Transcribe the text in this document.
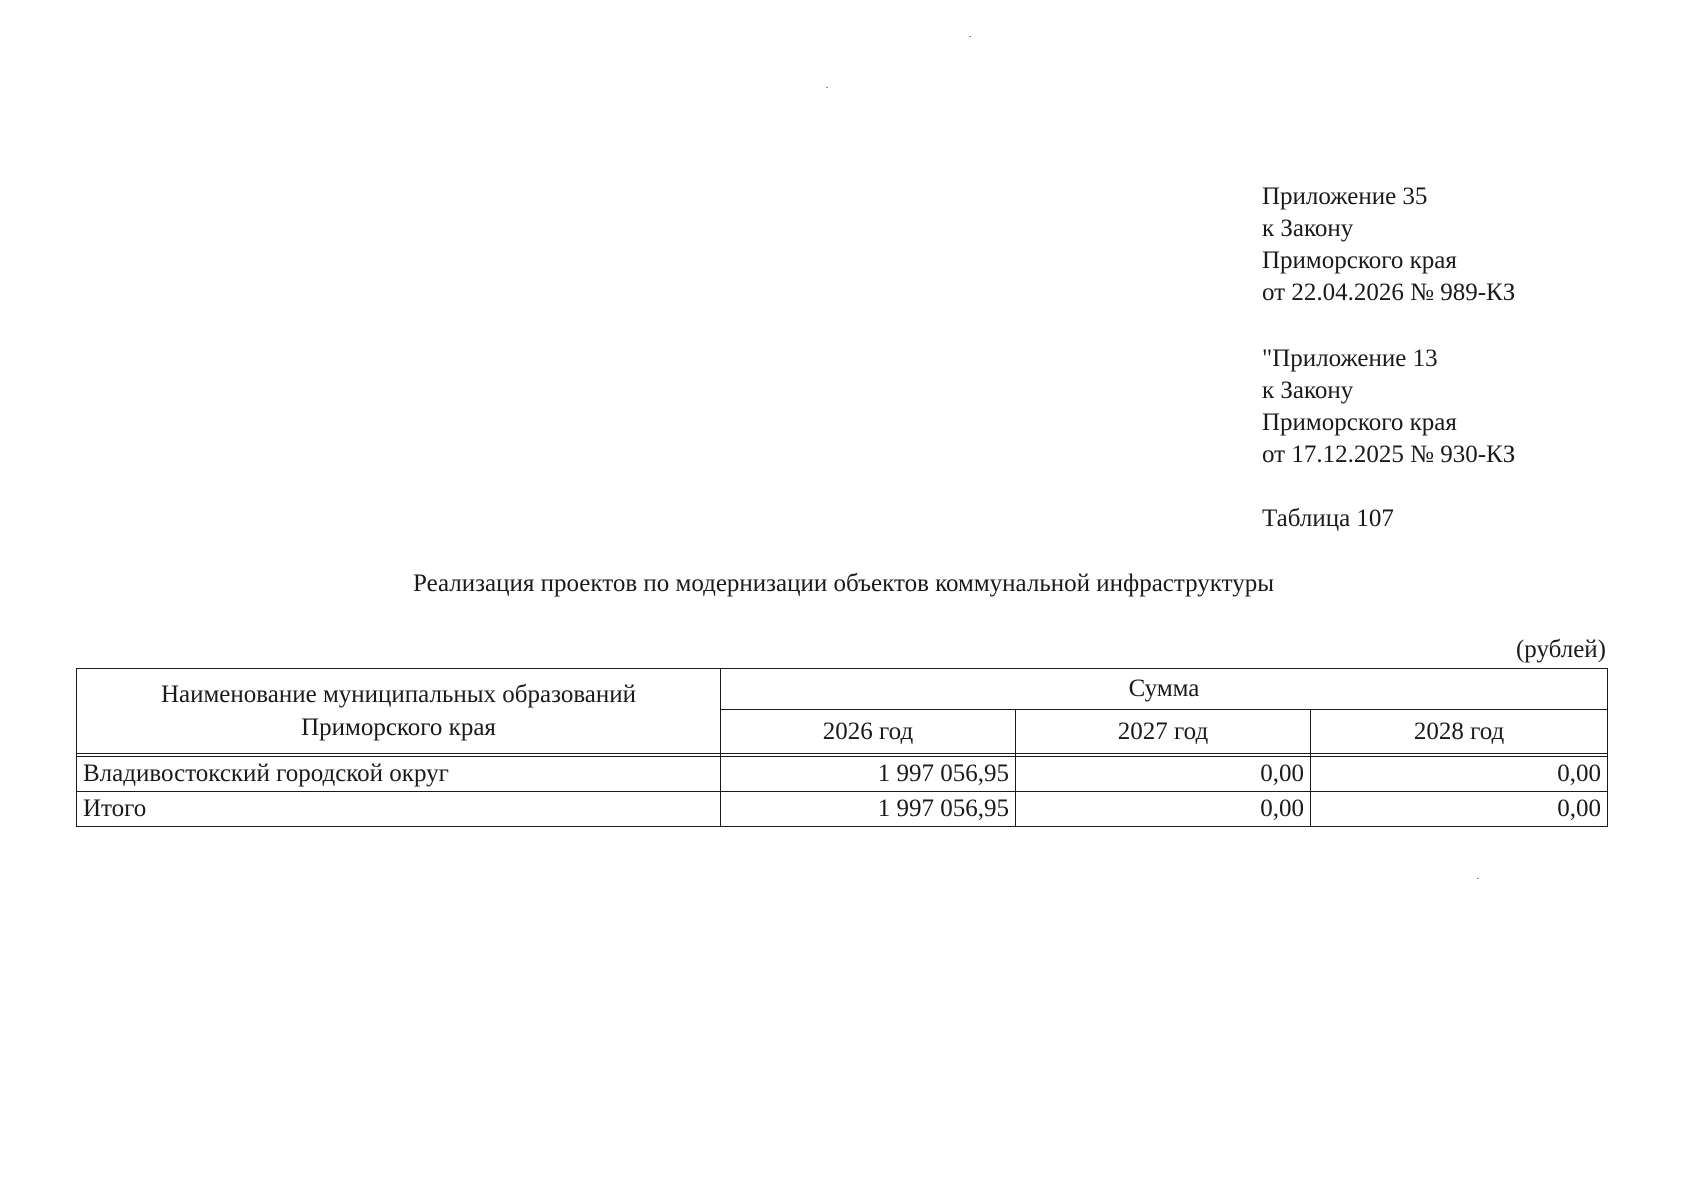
Приложение 35
к Закону
Приморского края
от 22.04.2026 № 989-КЗ
"Приложение 13
к Закону
Приморского края
от 17.12.2025 № 930-КЗ
Таблица 107
Реализация проектов по модернизации объектов коммунальной инфраструктуры
(рублей)
Наименование муниципальных образований
Приморского края	Сумма		
	2026 год	2027 год	2028 год

Владивостокский городской округ	1 997 056,95	0,00	0,00
Итого	1 997 056,95	0,00	0,00
